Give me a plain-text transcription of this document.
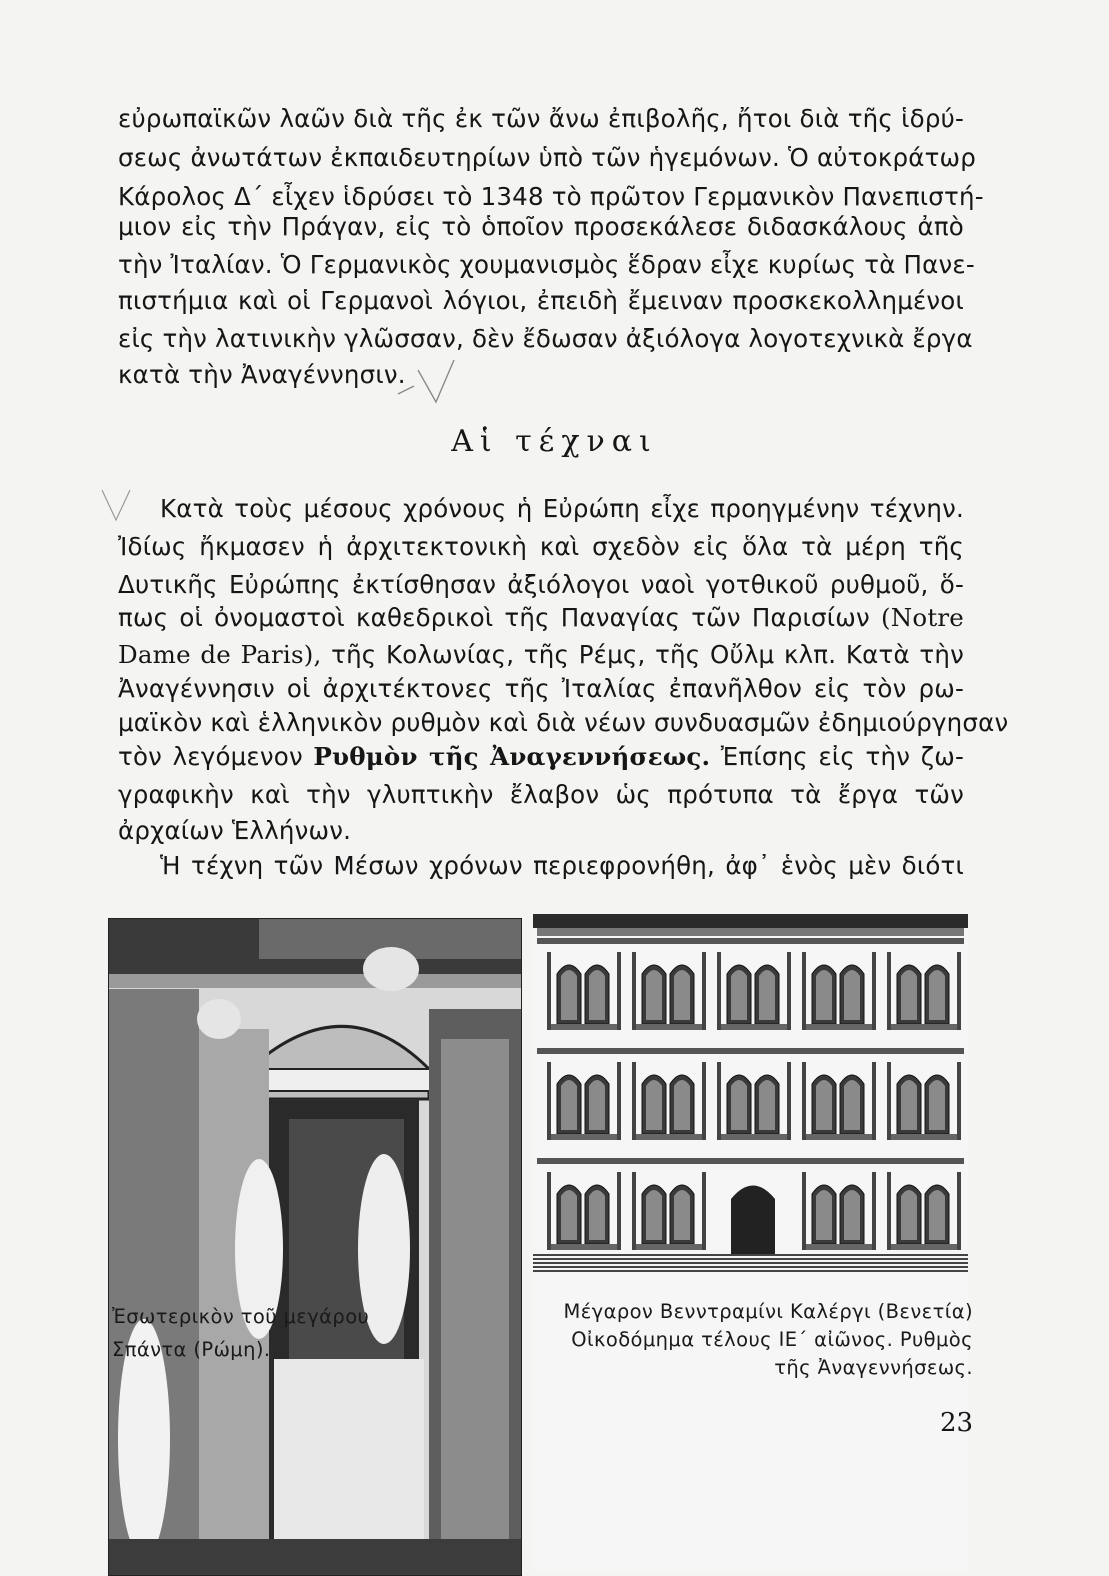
εὐρωπαϊκῶν λαῶν διὰ τῆς ἐκ τῶν ἄνω ἐπιβολῆς, ἤτοι διὰ τῆς ἱδρύ-
σεως ἀνωτάτων ἐκπαιδευτηρίων ὑπὸ τῶν ἡγεμόνων. Ὁ αὐτοκράτωρ
Κάρολος Δ΄ εἶχεν ἱδρύσει τὸ 1348 τὸ πρῶτον Γερμανικὸν Πανεπιστή-
μιον εἰς τὴν Πράγαν, εἰς τὸ ὁποῖον προσεκάλεσε διδασκάλους ἀπὸ
τὴν Ἰταλίαν. Ὁ Γερμανικὸς χουμανισμὸς ἕδραν εἶχε κυρίως τὰ Πανε-
πιστήμια καὶ οἱ Γερμανοὶ λόγιοι, ἐπειδὴ ἔμειναν προσκεκολλημένοι
εἰς τὴν λατινικὴν γλῶσσαν, δὲν ἔδωσαν ἀξιόλογα λογοτεχνικὰ ἔργα
κατὰ τὴν Ἀναγέννησιν.
Αἱ τέχναι
Κατὰ τοὺς μέσους χρόνους ἡ Εὐρώπη εἶχε προηγμένην τέχνην.
Ἰδίως ἤκμασεν ἡ ἀρχιτεκτονικὴ καὶ σχεδὸν εἰς ὅλα τὰ μέρη τῆς
Δυτικῆς Εὐρώπης ἐκτίσθησαν ἀξιόλογοι ναοὶ γοτθικοῦ ρυθμοῦ, ὅ-
πως οἱ ὀνομαστοὶ καθεδρικοὶ τῆς Παναγίας τῶν Παρισίων (Notre
Dame de Paris), τῆς Κολωνίας, τῆς Ρέμς, τῆς Οὔλμ κλπ. Κατὰ τὴν
Ἀναγέννησιν οἱ ἀρχιτέκτονες τῆς Ἰταλίας ἐπανῆλθον εἰς τὸν ρω-
μαϊκὸν καὶ ἑλληνικὸν ρυθμὸν καὶ διὰ νέων συνδυασμῶν ἐδημιούργησαν
τὸν λεγόμενον Ρυθμὸν τῆς Ἀναγεννήσεως. Ἐπίσης εἰς τὴν ζω-
γραφικὴν καὶ τὴν γλυπτικὴν ἔλαβον ὡς πρότυπα τὰ ἔργα τῶν
ἀρχαίων Ἑλλήνων.
Ἡ τέχνη τῶν Μέσων χρόνων περιεφρονήθη, ἀφ᾿ ἑνὸς μὲν διότι
Ἐσωτερικὸν τοῦ μεγάρου
Σπάντα (Ρώμη).
Μέγαρον Βενντραμίνι Καλέργι (Βενετία)
Οἰκοδόμημα τέλους ΙΕ΄ αἰῶνος. Ρυθμὸς
τῆς Ἀναγεννήσεως.
23
